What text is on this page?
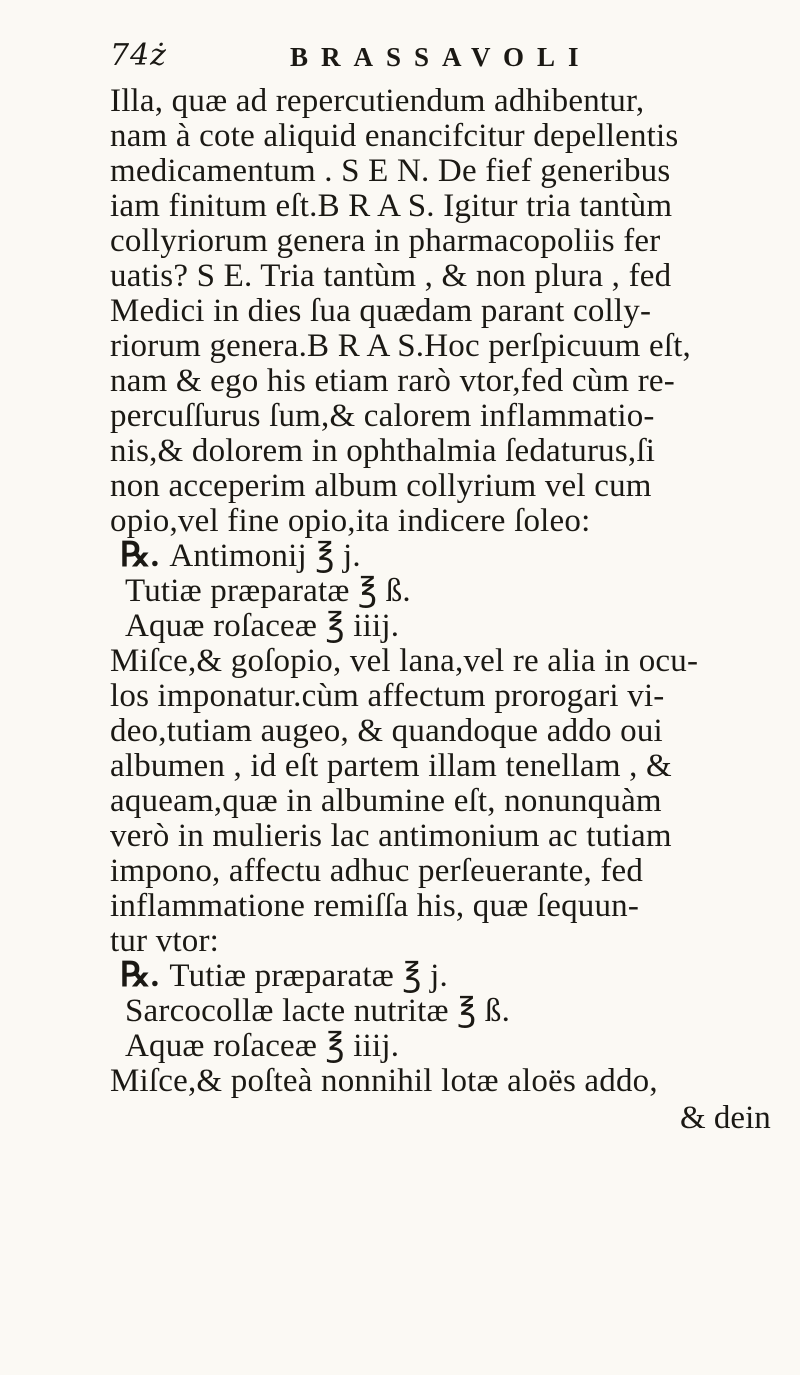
74ż	BRASSAVOLI
Illa, quæ ad repercutiendum adhibentur,
nam à cote aliquid enancifcitur depellentis
medicamentum . S E N. De fief generibus
iam finitum eſt.B R A S. Igitur tria tantùm
collyriorum genera in pharmacopoliis fer
uatis? S E. Tria tantùm , & non plura , fed
Medici in dies ſua quædam parant colly-
riorum genera.B R A S.Hoc perſpicuum eſt,
nam & ego his etiam rarò vtor,fed cùm re-
percuſſurus ſum,& calorem inflammatio-
nis,& dolorem in ophthalmia ſedaturus,ſi
non acceperim album collyrium vel cum
opio,vel fine opio,ita indicere ſoleo:
℞. Antimonij ℥ j.
Tutiæ præparatæ ℥ ß.
Aquæ roſaceæ ℥ iiij.
Miſce,& goſopio, vel lana,vel re alia in ocu-
los imponatur.cùm affectum prorogari vi-
deo,tutiam augeo, & quandoque addo oui
albumen , id eſt partem illam tenellam , &
aqueam,quæ in albumine eſt, nonunquàm
verò in mulieris lac antimonium ac tutiam
impono, affectu adhuc perſeuerante, fed
inflammatione remiſſa his, quæ ſequun-
tur vtor:
℞. Tutiæ præparatæ ℥ j.
Sarcocollæ lacte nutritæ ℥ ß.
Aquæ roſaceæ ℥ iiij.
Miſce,& poſteà nonnihil lotæ aloës addo,
& dein
